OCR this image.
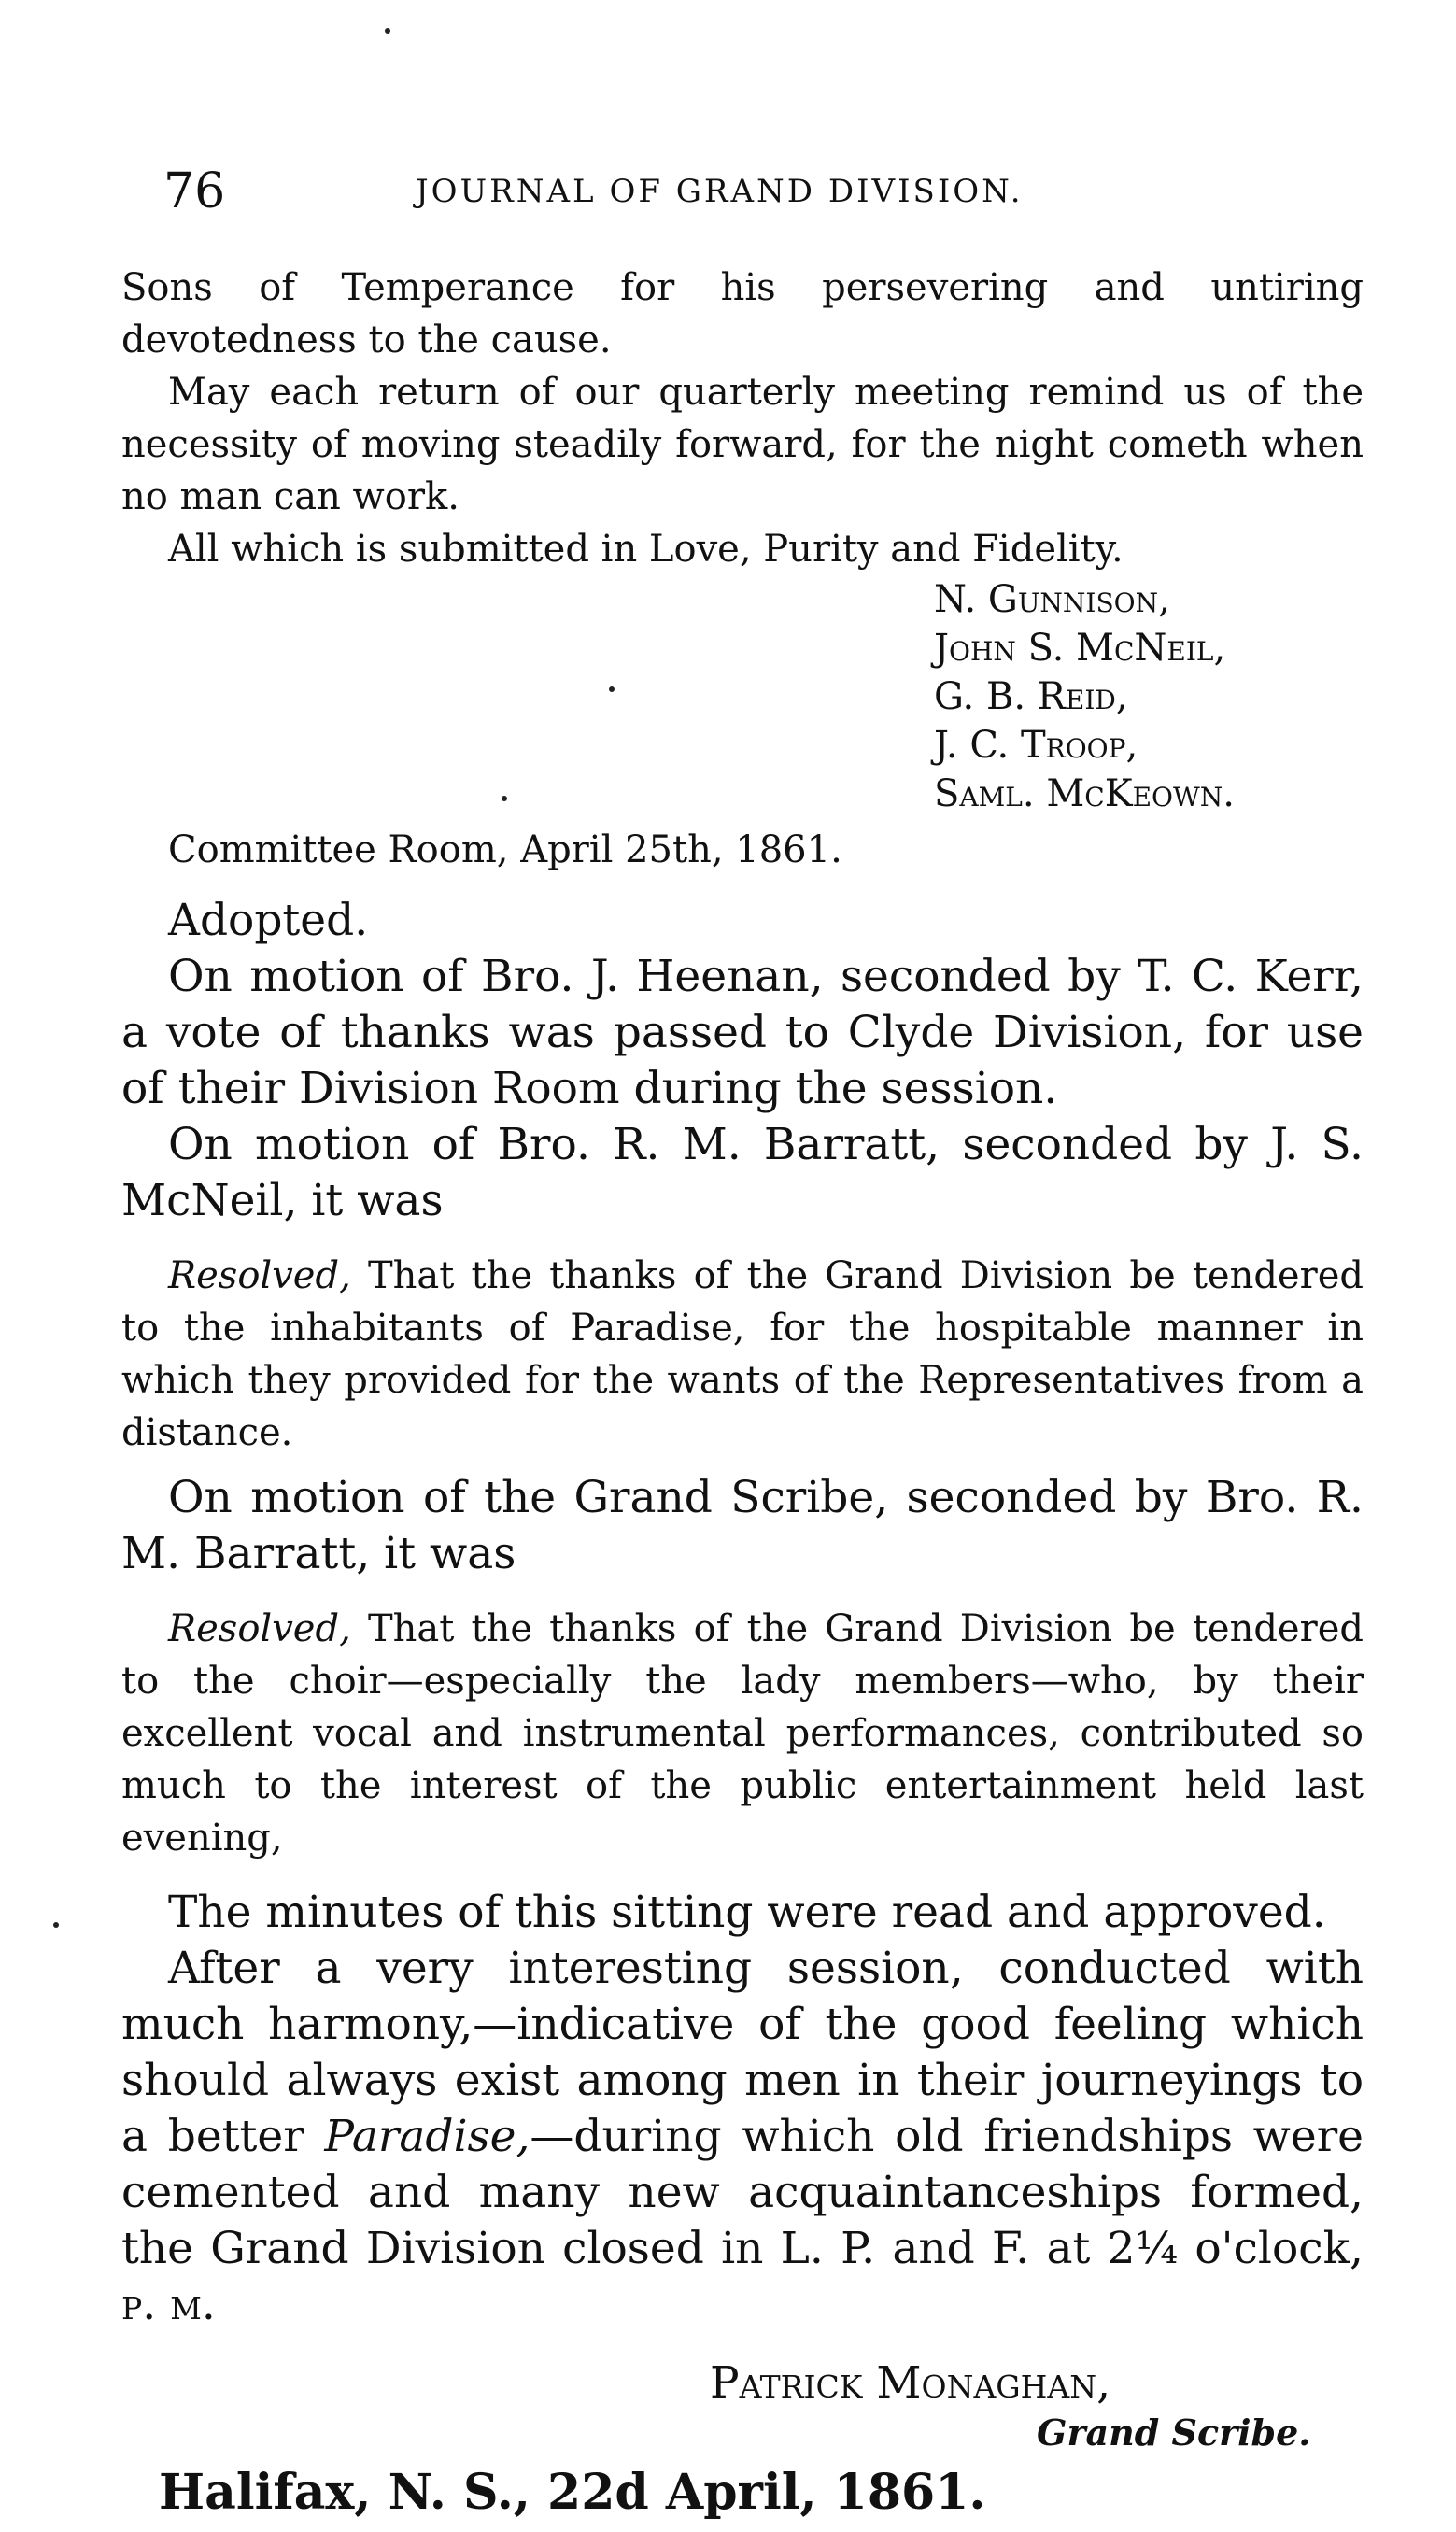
76	JOURNAL OF GRAND DIVISION.

Sons of Temperance for his persevering and untiring devotedness to the cause.

May each return of our quarterly meeting remind us of the necessity of moving steadily forward, for the night cometh when no man can work.

All which is submitted in Love, Purity and Fidelity.

N. Gunnison,
John S. McNeil,
G. B. Reid,
J. C. Troop,
Saml. McKeown.

Committee Room, April 25th, 1861.

Adopted.

On motion of Bro. J. Heenan, seconded by T. C. Kerr, a vote of thanks was passed to Clyde Division, for use of their Division Room during the session.

On motion of Bro. R. M. Barratt, seconded by J. S. McNeil, it was

Resolved, That the thanks of the Grand Division be tendered to the inhabitants of Paradise, for the hospitable manner in which they provided for the wants of the Representatives from a distance.

On motion of the Grand Scribe, seconded by Bro. R. M. Barratt, it was

Resolved, That the thanks of the Grand Division be tendered to the choir—especially the lady members—who, by their excellent vocal and instrumental performances, contributed so much to the interest of the public entertainment held last evening,

The minutes of this sitting were read and approved.

After a very interesting session, conducted with much harmony,—indicative of the good feeling which should always exist among men in their journeyings to a better Paradise,—during which old friendships were cemented and many new acquaintanceships formed, the Grand Division closed in L. P. and F. at 2¼ o'clock, p. m.

Patrick Monaghan,

Grand Scribe.

Halifax, N. S., 22d April, 1861.
